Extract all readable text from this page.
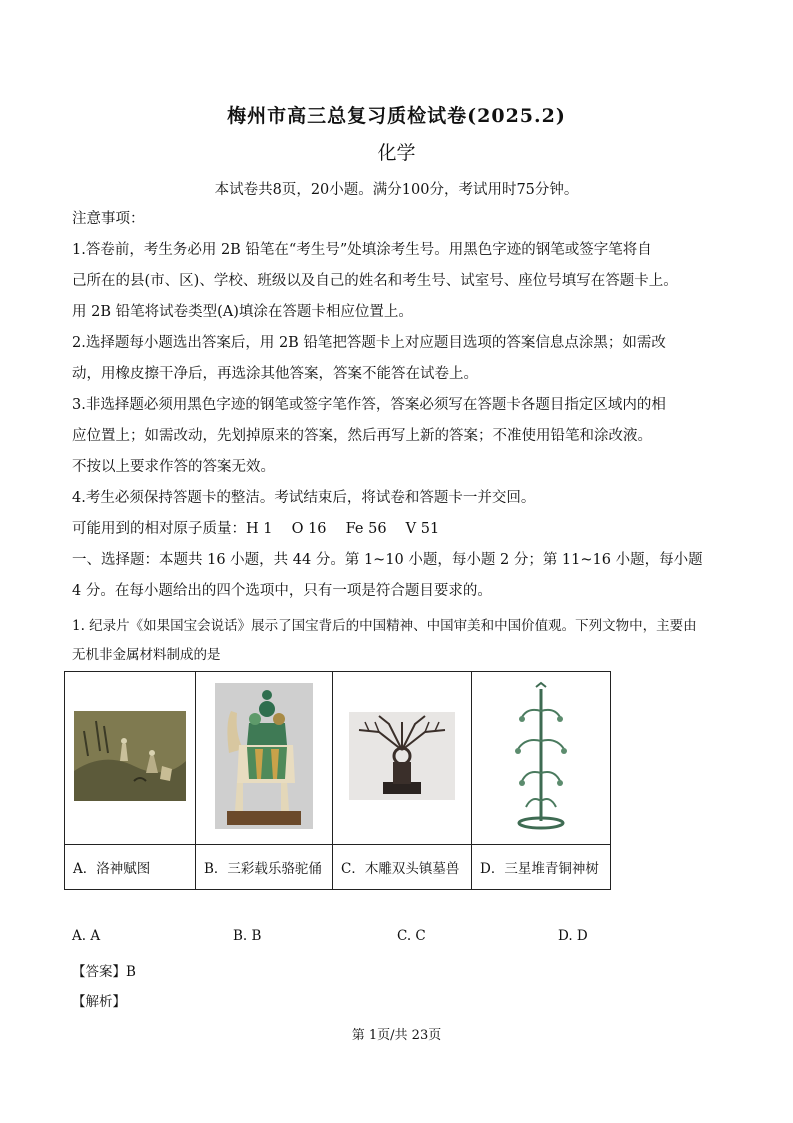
梅州市高三总复习质检试卷(2025.2)
化学
本试卷共8页，20小题。满分100分，考试用时75分钟。
注意事项：
1.答卷前，考生务必用 2B 铅笔在“考生号”处填涂考生号。用黑色字迹的钢笔或签字笔将自
己所在的县(市、区)、学校、班级以及自己的姓名和考生号、试室号、座位号填写在答题卡上。
用 2B 铅笔将试卷类型(A)填涂在答题卡相应位置上。
2.选择题每小题选出答案后，用 2B 铅笔把答题卡上对应题目选项的答案信息点涂黑；如需改
动，用橡皮擦干净后，再选涂其他答案，答案不能答在试卷上。
3.非选择题必须用黑色字迹的钢笔或签字笔作答，答案必须写在答题卡各题目指定区域内的相
应位置上；如需改动，先划掉原来的答案，然后再写上新的答案；不准使用铅笔和涂改液。
不按以上要求作答的答案无效。
4.考生必须保持答题卡的整洁。考试结束后，将试卷和答题卡一并交回。
可能用到的相对原子质量：H 1　 O 16　 Fe 56　 V 51
一、选择题：本题共 16 小题，共 44 分。第 1~10 小题，每小题 2 分；第 11~16 小题，每小题
4 分。在每小题给出的四个选项中，只有一项是符合题目要求的。
1. 纪录片《如果国宝会说话》展示了国宝背后的中国精神、中国审美和中国价值观。下列文物中，主要由
无机非金属材料制成的是

A．洛神赋图	B．三彩载乐骆驼俑	C．木雕双头镇墓兽	D．三星堆青铜神树
A. A	B. B	C. C	D. D
【答案】B
【解析】
第 1页/共 23页
